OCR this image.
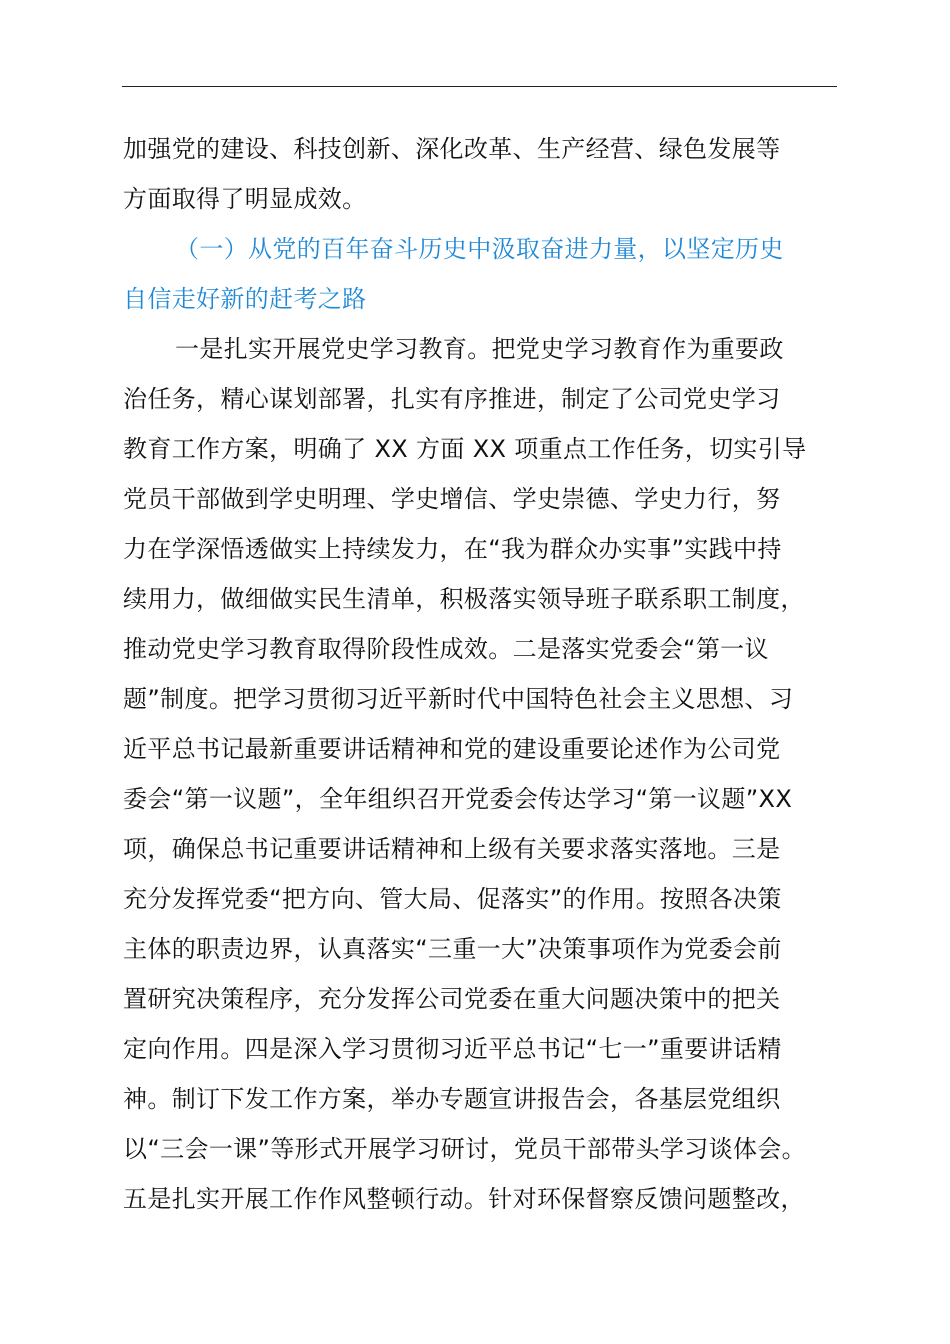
加强党的建设、科技创新、深化改革、生产经营、绿色发展等
方面取得了明显成效。
（一）从党的百年奋斗历史中汲取奋进力量，以坚定历史
自信走好新的赶考之路
一是扎实开展党史学习教育。把党史学习教育作为重要政
治任务，精心谋划部署，扎实有序推进，制定了公司党史学习
教育工作方案，明确了 XX 方面 XX 项重点工作任务，切实引导
党员干部做到学史明理、学史增信、学史崇德、学史力行，努
力在学深悟透做实上持续发力，在“我为群众办实事”实践中持
续用力，做细做实民生清单，积极落实领导班子联系职工制度，
推动党史学习教育取得阶段性成效。二是落实党委会“第一议
题”制度。把学习贯彻习近平新时代中国特色社会主义思想、习
近平总书记最新重要讲话精神和党的建设重要论述作为公司党
委会“第一议题”，全年组织召开党委会传达学习“第一议题”XX
项，确保总书记重要讲话精神和上级有关要求落实落地。三是
充分发挥党委“把方向、管大局、促落实”的作用。按照各决策
主体的职责边界，认真落实“三重一大”决策事项作为党委会前
置研究决策程序，充分发挥公司党委在重大问题决策中的把关
定向作用。四是深入学习贯彻习近平总书记“七一”重要讲话精
神。制订下发工作方案，举办专题宣讲报告会，各基层党组织
以“三会一课”等形式开展学习研讨，党员干部带头学习谈体会。
五是扎实开展工作作风整顿行动。针对环保督察反馈问题整改，
